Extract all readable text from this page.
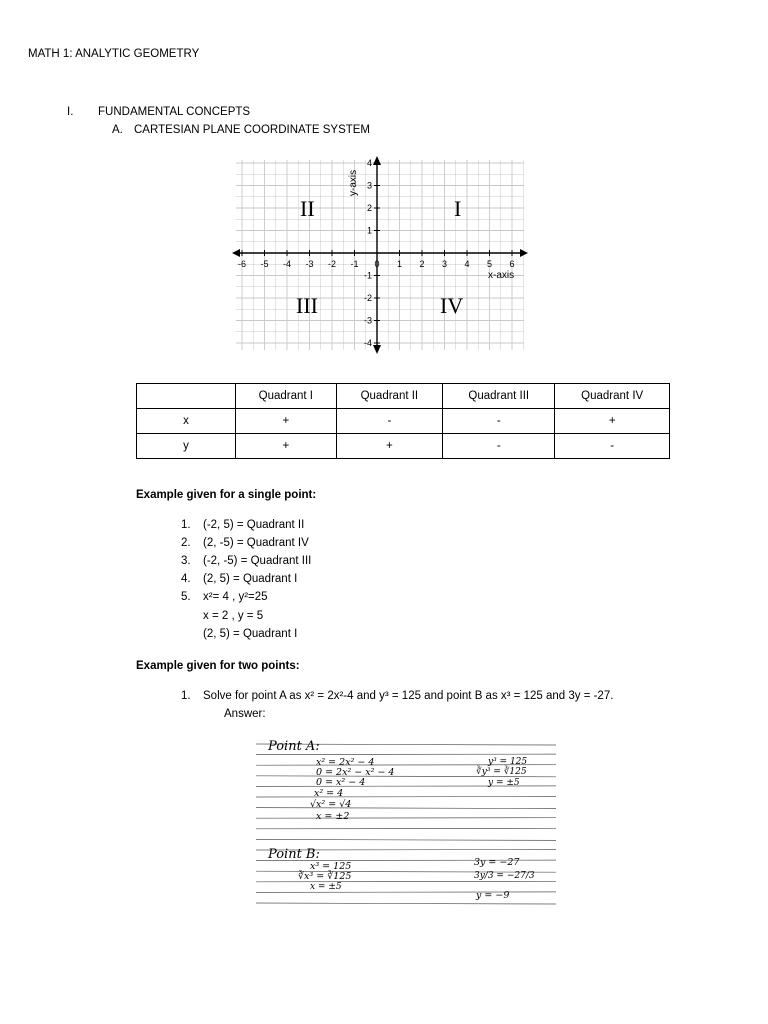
MATH 1: ANALYTIC GEOMETRY
I. FUNDAMENTAL CONCEPTS
A. CARTESIAN PLANE COORDINATE SYSTEM
-6 -5 -4 -3 -2 -1 0 1 2 3 4 5 6
4
3
2
1
-1
-2
-3
-4
y-axis
x-axis
I
II
III	IV
	Quadrant I	Quadrant II	Quadrant III	Quadrant IV
x	+	-	-	+
y	+	+	-	-
Example given for a single point:
1. (-2, 5) = Quadrant II
2. (2, -5) = Quadrant IV
3. (-2, -5) = Quadrant III
4. (2, 5) = Quadrant I
5. x²= 4 , y²=25
x = 2 , y = 5
(2, 5) = Quadrant I
Example given for two points:
1. Solve for point A as x² = 2x²-4 and y³ = 125 and point B as x³ = 125 and 3y = -27.
Answer:
Point A:
x² = 2x² − 4
0 = 2x² − x² − 4
0 = x² − 4
x² = 4
√x² = √4
x = ±2
y³ = 125
∛y³ = ∛125
y = ±5
Point B:
x³ = 125
∛x³ = ∛125
x = ±5
3y = −27
3y/3 = −27/3
y = −9
